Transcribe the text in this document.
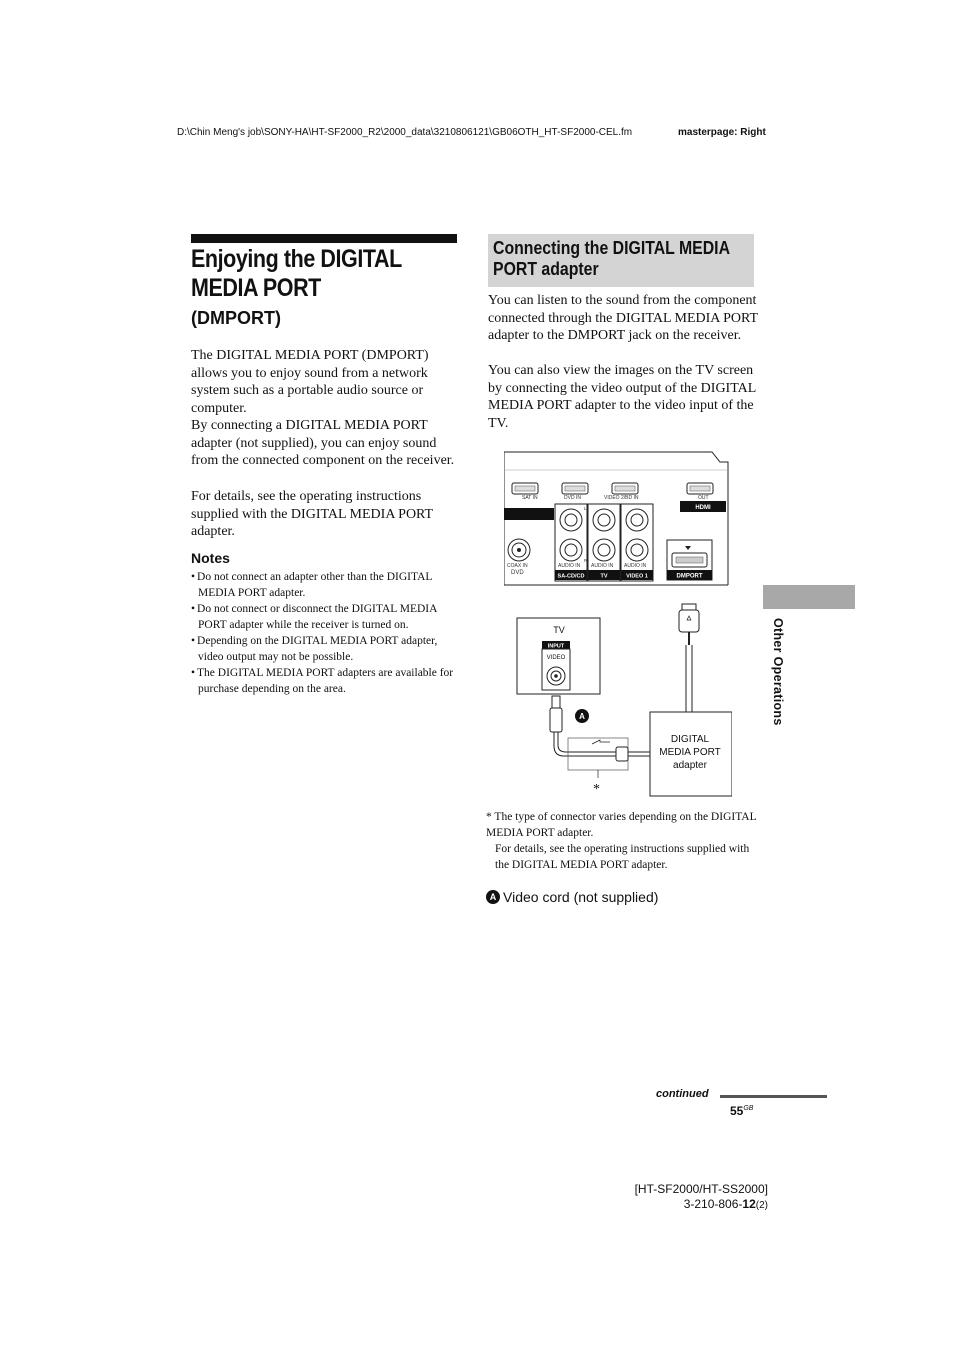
D:\Chin Meng's job\SONY-HA\HT-SF2000_R2\2000_data\3210806121\GB06OTH_HT-SF2000-CEL.fm	masterpage: Right
Enjoying the DIGITAL MEDIA PORT
(DMPORT)

The DIGITAL MEDIA PORT (DMPORT) allows you to enjoy sound from a network system such as a portable audio source or computer.

By connecting a DIGITAL MEDIA PORT adapter (not supplied), you can enjoy sound from the connected component on the receiver.

For details, see the operating instructions supplied with the DIGITAL MEDIA PORT adapter.

Notes
• Do not connect an adapter other than the DIGITAL MEDIA PORT adapter.
• Do not connect or disconnect the DIGITAL MEDIA PORT adapter while the receiver is turned on.
• Depending on the DIGITAL MEDIA PORT adapter, video output may not be possible.
• The DIGITAL MEDIA PORT adapters are available for purchase depending on the area.
Connecting the DIGITAL MEDIA PORT adapter

You can listen to the sound from the component connected through the DIGITAL MEDIA PORT adapter to the DMPORT jack on the receiver.

You can also view the images on the TV screen by connecting the video output of the DIGITAL MEDIA PORT adapter to the video input of the TV.

SAT IN	DVD IN	VIDEO 2/BD IN	OUT
HDMI
COAX IN
DVD
L
R
AUDIO IN AUDIO IN AUDIO IN
SA-CD/CD	TV	VIDEO 1	DMPORT
TV
INPUT
VIDEO
A
*
DIGITAL
MEDIA PORT
adapter
* The type of connector varies depending on the DIGITAL MEDIA PORT adapter.
For details, see the operating instructions supplied with the DIGITAL MEDIA PORT adapter.
A Video cord (not supplied)
Other Operations
continued
$55^{GB}$
[HT-SF2000/HT-SS2000]
3-210-806-12(2)
